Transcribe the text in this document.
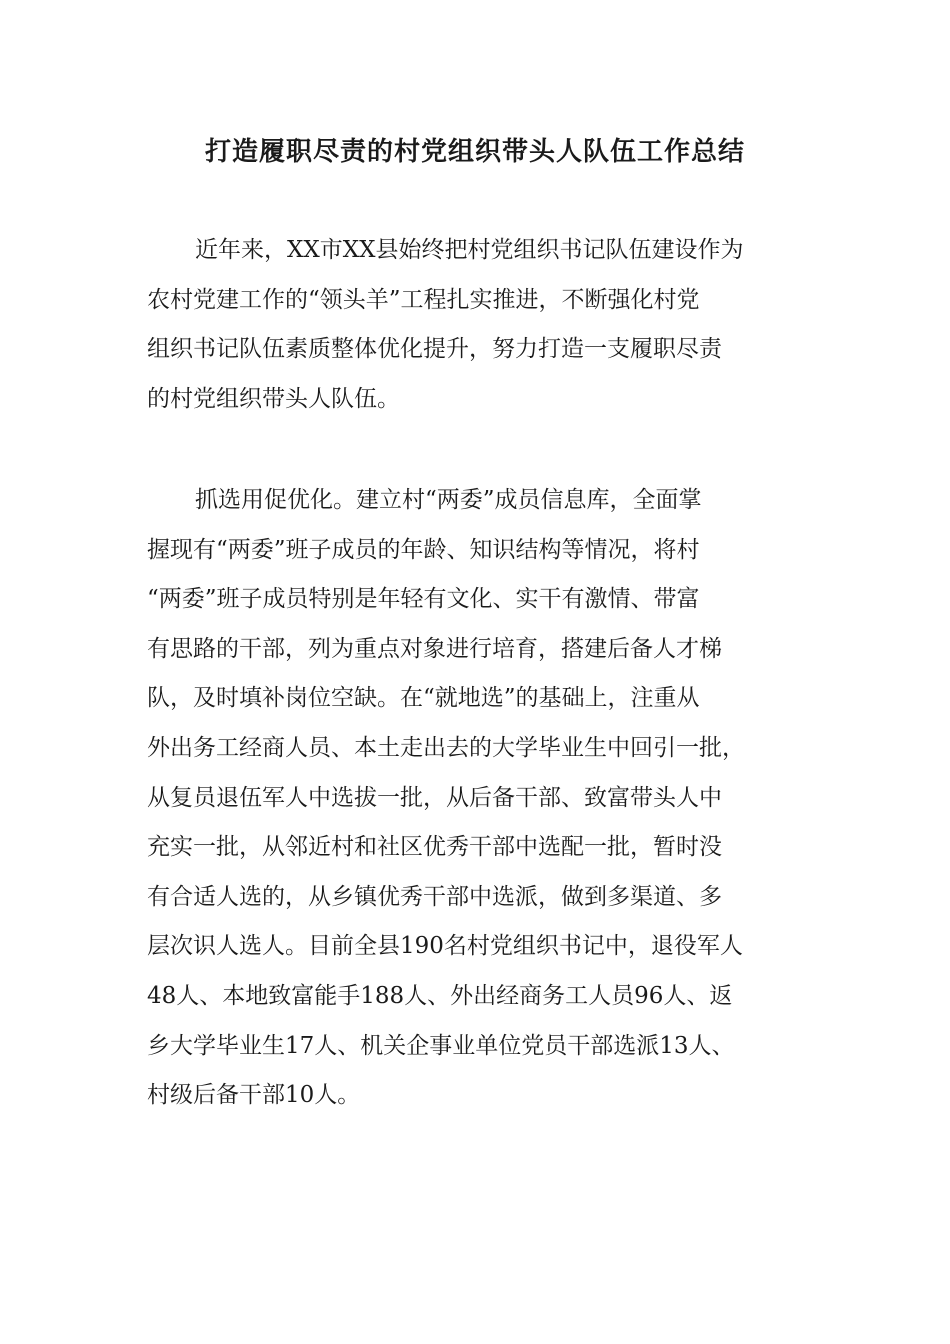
打造履职尽责的村党组织带头人队伍工作总结
近年来，XX市XX县始终把村党组织书记队伍建设作为
农村党建工作的“领头羊”工程扎实推进，不断强化村党
组织书记队伍素质整体优化提升，努力打造一支履职尽责
的村党组织带头人队伍。
抓选用促优化。建立村“两委”成员信息库，全面掌
握现有“两委”班子成员的年龄、知识结构等情况，将村
“两委”班子成员特别是年轻有文化、实干有激情、带富
有思路的干部，列为重点对象进行培育，搭建后备人才梯
队，及时填补岗位空缺。在“就地选”的基础上，注重从
外出务工经商人员、本土走出去的大学毕业生中回引一批，
从复员退伍军人中选拔一批，从后备干部、致富带头人中
充实一批，从邻近村和社区优秀干部中选配一批，暂时没
有合适人选的，从乡镇优秀干部中选派，做到多渠道、多
层次识人选人。目前全县190名村党组织书记中，退役军人
48人、本地致富能手188人、外出经商务工人员96人、返
乡大学毕业生17人、机关企事业单位党员干部选派13人、
村级后备干部10人。
